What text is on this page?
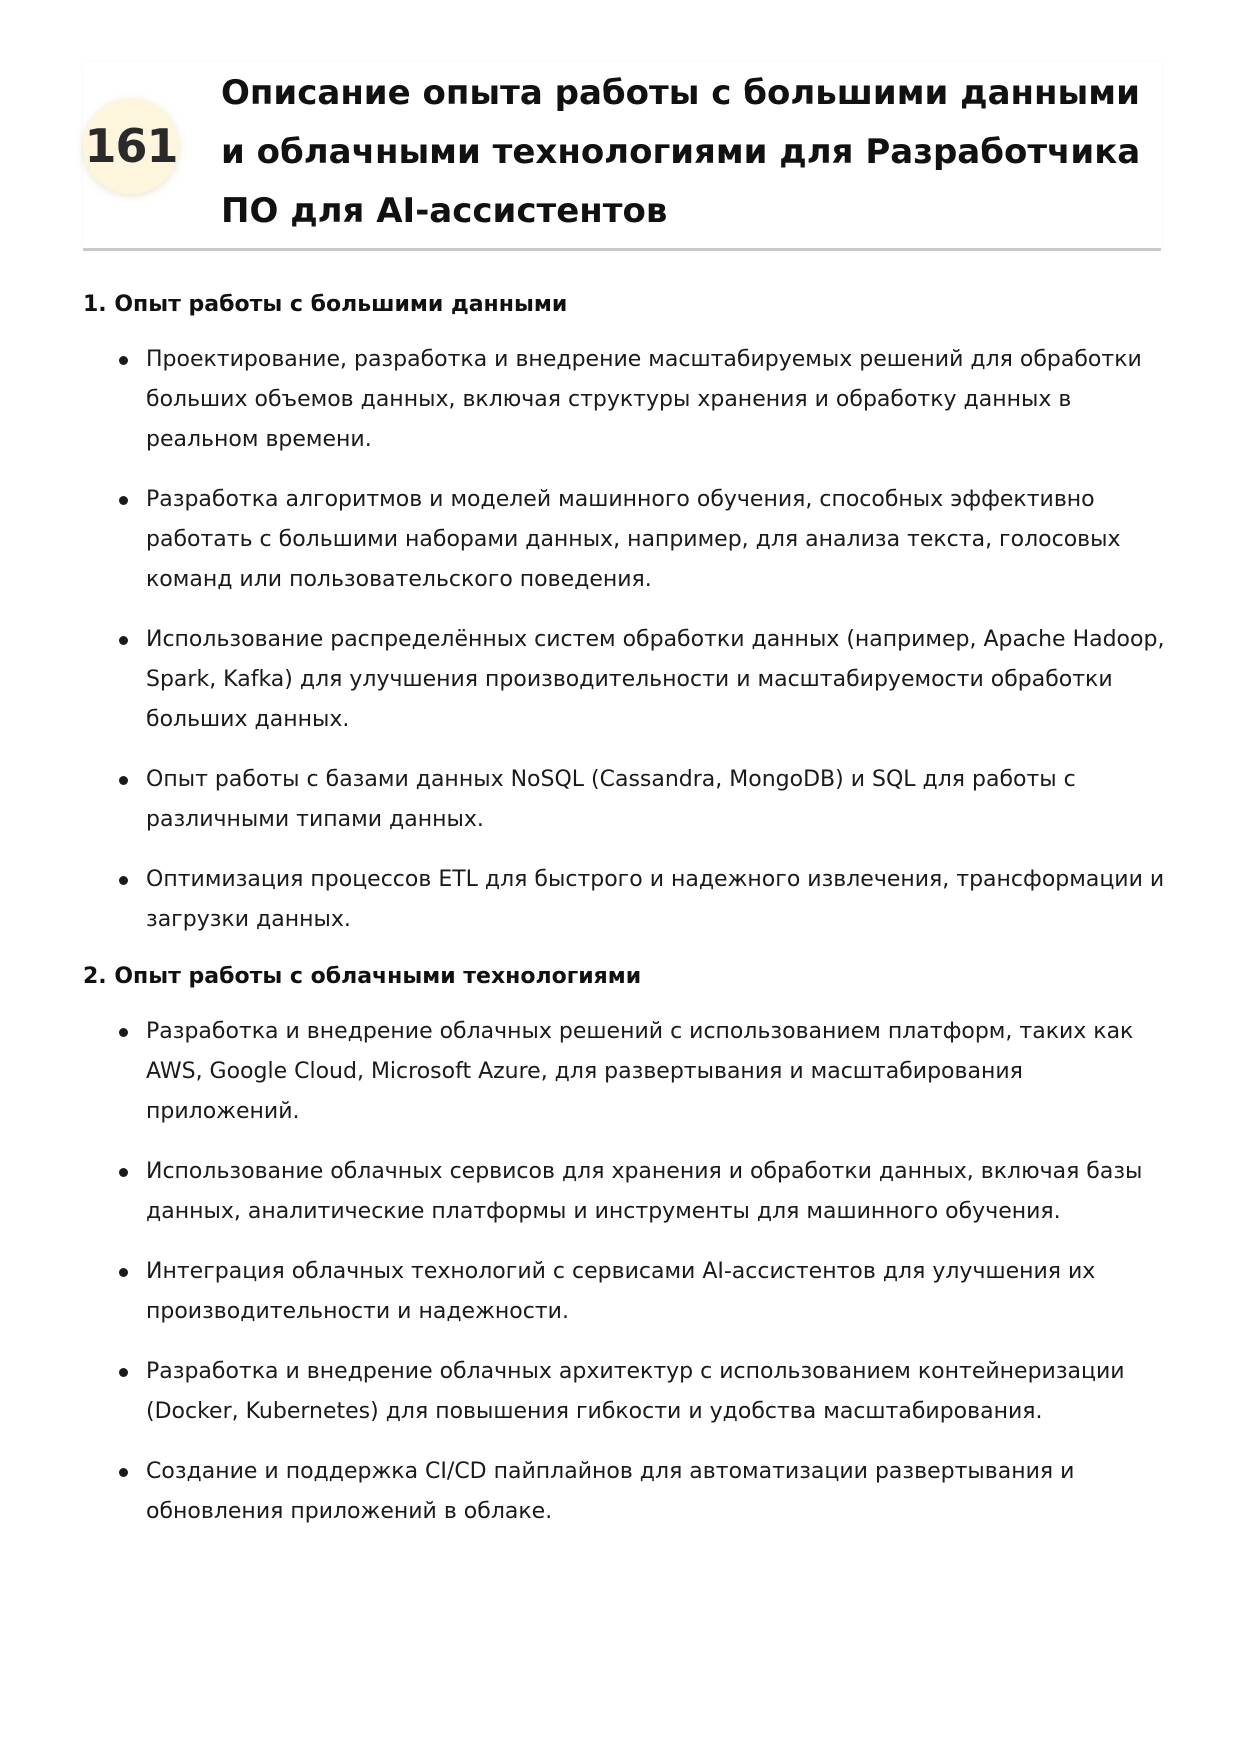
161
Описание опыта работы с большими данными и облачными технологиями для Разработчика ПО для AI-ассистентов
1. Опыт работы с большими данными
Проектирование, разработка и внедрение масштабируемых решений для обработки больших объемов данных, включая структуры хранения и обработку данных в реальном времени.
Разработка алгоритмов и моделей машинного обучения, способных эффективно работать с большими наборами данных, например, для анализа текста, голосовых команд или пользовательского поведения.
Использование распределённых систем обработки данных (например, Apache Hadoop, Spark, Kafka) для улучшения производительности и масштабируемости обработки больших данных.
Опыт работы с базами данных NoSQL (Cassandra, MongoDB) и SQL для работы с различными типами данных.
Оптимизация процессов ETL для быстрого и надежного извлечения, трансформации и загрузки данных.
2. Опыт работы с облачными технологиями
Разработка и внедрение облачных решений с использованием платформ, таких как AWS, Google Cloud, Microsoft Azure, для развертывания и масштабирования приложений.
Использование облачных сервисов для хранения и обработки данных, включая базы данных, аналитические платформы и инструменты для машинного обучения.
Интеграция облачных технологий с сервисами AI-ассистентов для улучшения их производительности и надежности.
Разработка и внедрение облачных архитектур с использованием контейнеризации (Docker, Kubernetes) для повышения гибкости и удобства масштабирования.
Создание и поддержка CI/CD пайплайнов для автоматизации развертывания и обновления приложений в облаке.
